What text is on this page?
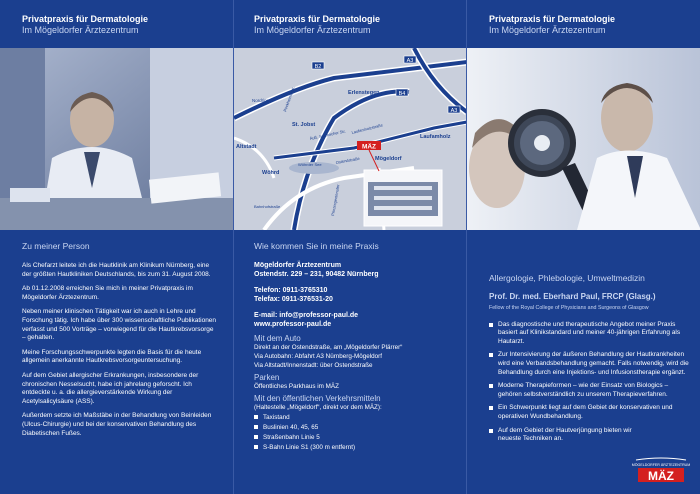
Privatpraxis für Dermatologie
Im Mögeldorfer Ärztezentrum
Zu meiner Person

Als Chefarzt leitete ich die Hautklinik am Klinikum Nürnberg, eine der größten Hautkliniken Deutschlands, bis zum 31. August 2008.

Ab 01.12.2008 erreichen Sie mich in meiner Privatpraxis im Mögeldorfer Ärztezentrum.

Neben meiner klinischen Tätigkeit war ich auch in Lehre und Forschung tätig. Ich habe über 300 wissenschaftliche Publikationen verfasst und 500 Vorträge – vorwiegend für die Hautkrebsvorsorge – gehalten.

Meine Forschungsschwerpunkte legten die Basis für die heute allgemein anerkannte Hautkrebsvorsorgeuntersuchung.

Auf dem Gebiet allergischer Erkrankungen, insbesondere der chronischen Nesselsucht, habe ich jahrelang geforscht. Ich entdeckte u. a. die allergieverstärkende Wirkung der Acetylsalicylsäure (ASS).

Außerdem setzte ich Maßstäbe in der Behandlung von Beinleiden (Ulcus-Chirurgie) und bei der konservativen Behandlung des Diabetischen Fußes.

Privatpraxis für Dermatologie
Im Mögeldorfer Ärztezentrum
MÄZ
B2
A3
B4
A3
Erlenstegen
Nordring
St. Jobst
Altstadt
Wöhrd
Laufamholz
Mögeldorf
Wöhrder See	Ostendstraße
Äuß. Sulzbacher Str. Laufamholzstraße
Bahnhofstraße
Pirckheimerstr.
Prinzregentenufer
Wie kommen Sie in meine Praxis
Mögeldorfer Ärztezentrum
Ostendstr. 229 – 231, 90482 Nürnberg
Telefon: 0911-3765310
Telefax: 0911-376531-20
E-mail: info@professor-paul.de
www.professor-paul.de
Mit dem Auto
Direkt an der Ostendstraße, am „Mögeldorfer Plärrer“
Via Autobahn: Abfahrt A3 Nürnberg-Mögeldorf
Via Altstadt/Innenstadt: über Ostendstraße
Parken
Öffentliches Parkhaus im MÄZ
Mit den öffentlichen Verkehrsmitteln
(Haltestelle „Mögeldorf“, direkt vor dem MÄZ):
Taxistand
Buslinien 40, 45, 65
Straßenbahn Linie 5
S-Bahn Linie S1 (300 m entfernt)
Privatpraxis für Dermatologie
Im Mögeldorfer Ärztezentrum
Allergologie, Phlebologie, Umweltmedizin
Prof. Dr. med. Eberhard Paul, FRCP (Glasg.)
Fellow of the Royal College of Physicians and Surgeons of Glasgow
Das diagnostische und therapeutische Angebot meiner Praxis basiert auf Klinikstandard und meiner 40-jährigen Erfahrung als Hautarzt.
Zur Intensivierung der äußeren Behandlung der Hautkrankheiten wird eine Verbandsbehandlung gemacht. Falls notwendig, wird die Behandlung durch eine Injektions- und Infusionstherapie ergänzt.
Moderne Therapieformen – wie der Einsatz von Biologics – gehören selbstverständlich zu unserem Therapieverfahren.
Ein Schwerpunkt liegt auf dem Gebiet der konservativen und operativen Wundbehandlung.
Auf dem Gebiet der Hautverjüngung bieten wir neueste Techniken an.
MÖGELDORFER ÄRZTEZENTRUM
MÄZ
